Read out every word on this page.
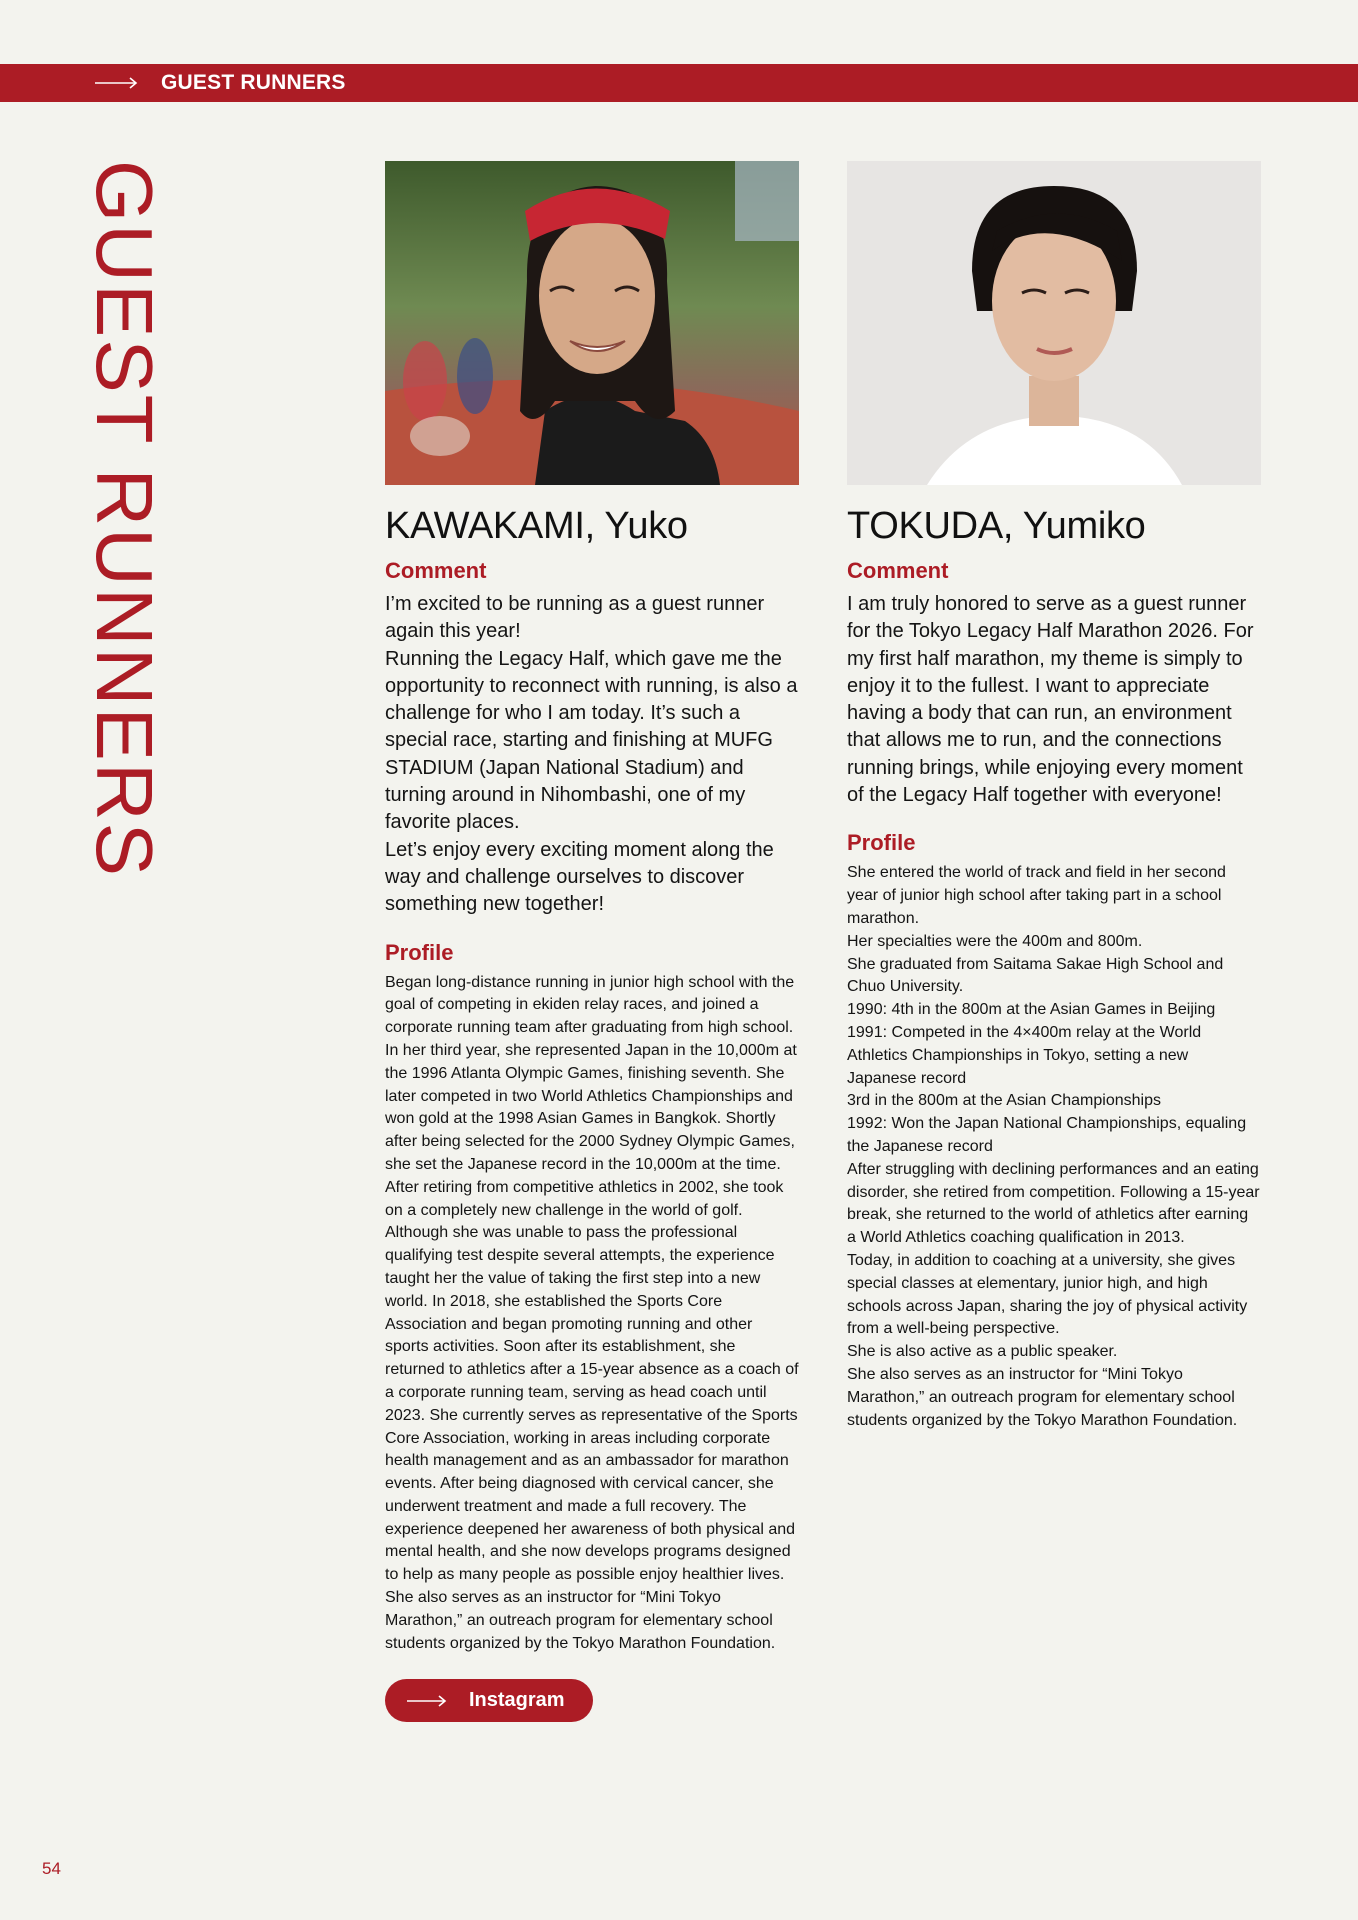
GUEST RUNNERS
GUEST RUNNERS	KAWAKAMI, Yuko
Comment

I’m excited to be running as a guest runner again this year!
Running the Legacy Half, which gave me the opportunity to reconnect with running, is also a challenge for who I am today. It’s such a special race, starting and finishing at MUFG STADIUM (Japan National Stadium) and turning around in Nihombashi, one of my favorite places.
Let’s enjoy every exciting moment along the way and challenge ourselves to discover something new together!

Profile

Began long-distance running in junior high school with the goal of competing in ekiden relay races, and joined a corporate running team after graduating from high school. In her third year, she represented Japan in the 10,000m at the 1996 Atlanta Olympic Games, finishing seventh. She later competed in two World Athletics Championships and won gold at the 1998 Asian Games in Bangkok. Shortly after being selected for the 2000 Sydney Olympic Games, she set the Japanese record in the 10,000m at the time. After retiring from competitive athletics in 2002, she took on a completely new challenge in the world of golf. Although she was unable to pass the professional qualifying test despite several attempts, the experience taught her the value of taking the first step into a new world. In 2018, she established the Sports Core Association and began promoting running and other sports activities. Soon after its establishment, she returned to athletics after a 15-year absence as a coach of a corporate running team, serving as head coach until 2023. She currently serves as representative of the Sports Core Association, working in areas including corporate health management and as an ambassador for marathon events. After being diagnosed with cervical cancer, she underwent treatment and made a full recovery. The experience deepened her awareness of both physical and mental health, and she now develops programs designed to help as many people as possible enjoy healthier lives. She also serves as an instructor for “Mini Tokyo Marathon,” an outreach program for elementary school students organized by the Tokyo Marathon Foundation.

Instagram
TOKUDA, Yumiko
Comment

I am truly honored to serve as a guest runner for the Tokyo Legacy Half Marathon 2026. For my first half marathon, my theme is simply to enjoy it to the fullest. I want to appreciate having a body that can run, an environment that allows me to run, and the connections running brings, while enjoying every moment of the Legacy Half together with everyone!

Profile

She entered the world of track and field in her second year of junior high school after taking part in a school marathon.
Her specialties were the 400m and 800m.
She graduated from Saitama Sakae High School and Chuo University.
1990: 4th in the 800m at the Asian Games in Beijing
1991: Competed in the 4×400m relay at the World Athletics Championships in Tokyo, setting a new Japanese record
3rd in the 800m at the Asian Championships
1992: Won the Japan National Championships, equaling the Japanese record
After struggling with declining performances and an eating disorder, she retired from competition. Following a 15-year break, she returned to the world of athletics after earning a World Athletics coaching qualification in 2013.
Today, in addition to coaching at a university, she gives special classes at elementary, junior high, and high schools across Japan, sharing the joy of physical activity from a well-being perspective.
She is also active as a public speaker.
She also serves as an instructor for “Mini Tokyo Marathon,” an outreach program for elementary school students organized by the Tokyo Marathon Foundation.

54
